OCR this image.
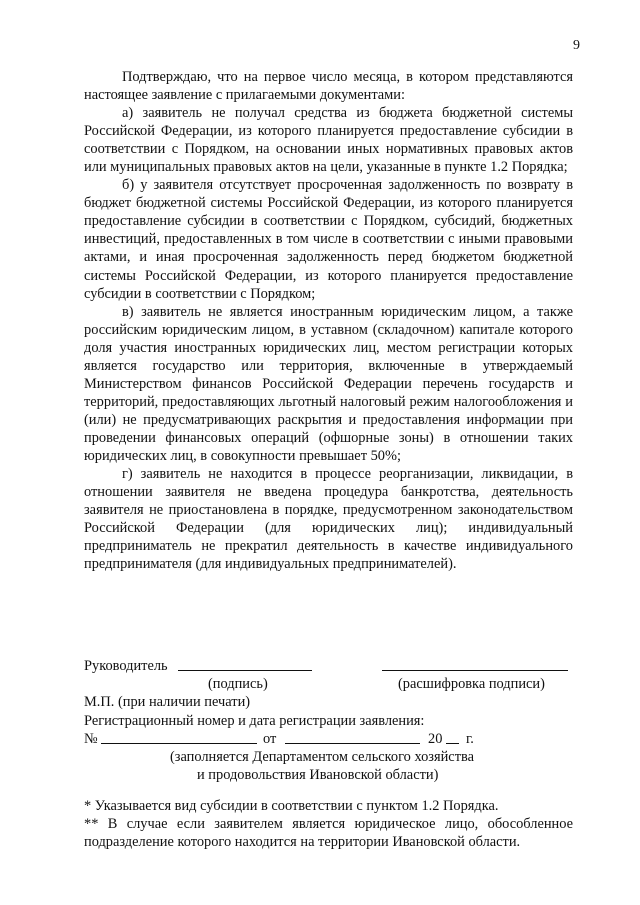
9

Подтверждаю, что на первое число месяца, в котором представляются настоящее заявление с прилагаемыми документами:

а) заявитель не получал средства из бюджета бюджетной системы Российской Федерации, из которого планируется предоставление субсидии в соответствии с Порядком, на основании иных нормативных правовых актов или муниципальных правовых актов на цели, указанные в пункте 1.2 Порядка;

б) у заявителя отсутствует просроченная задолженность по возврату в бюджет бюджетной системы Российской Федерации, из которого планируется предоставление субсидии в соответствии с Порядком, субсидий, бюджетных инвестиций, предоставленных в том числе в соответствии с иными правовыми актами, и иная просроченная задолженность перед бюджетом бюджетной системы Российской Федерации, из которого планируется предоставление субсидии в соответствии с Порядком;

в) заявитель не является иностранным юридическим лицом, а также российским юридическим лицом, в уставном (складочном) капитале которого доля участия иностранных юридических лиц, местом регистрации которых является государство или территория, включенные в утверждаемый Министерством финансов Российской Федерации перечень государств и территорий, предоставляющих льготный налоговый режим налогообложения и (или) не предусматривающих раскрытия и предоставления информации при проведении финансовых операций (офшорные зоны) в отношении таких юридических лиц, в совокупности превышает 50%;

г) заявитель не находится в процессе реорганизации, ликвидации, в отношении заявителя не введена процедура банкротства, деятельность заявителя не приостановлена в порядке, предусмотренном законодательством Российской Федерации (для юридических лиц); индивидуальный предприниматель не прекратил деятельность в качестве индивидуального предпринимателя (для индивидуальных предпринимателей).

Руководитель
(подпись)	(расшифровка подписи)
М.П. (при наличии печати)
Регистрационный номер и дата регистрации заявления:
№	от	20 г.
(заполняется Департаментом сельского хозяйства
и продовольствия Ивановской области)

* Указывается вид субсидии в соответствии с пунктом 1.2 Порядка.

** В случае если заявителем является юридическое лицо, обособленное подразделение которого находится на территории Ивановской области.
